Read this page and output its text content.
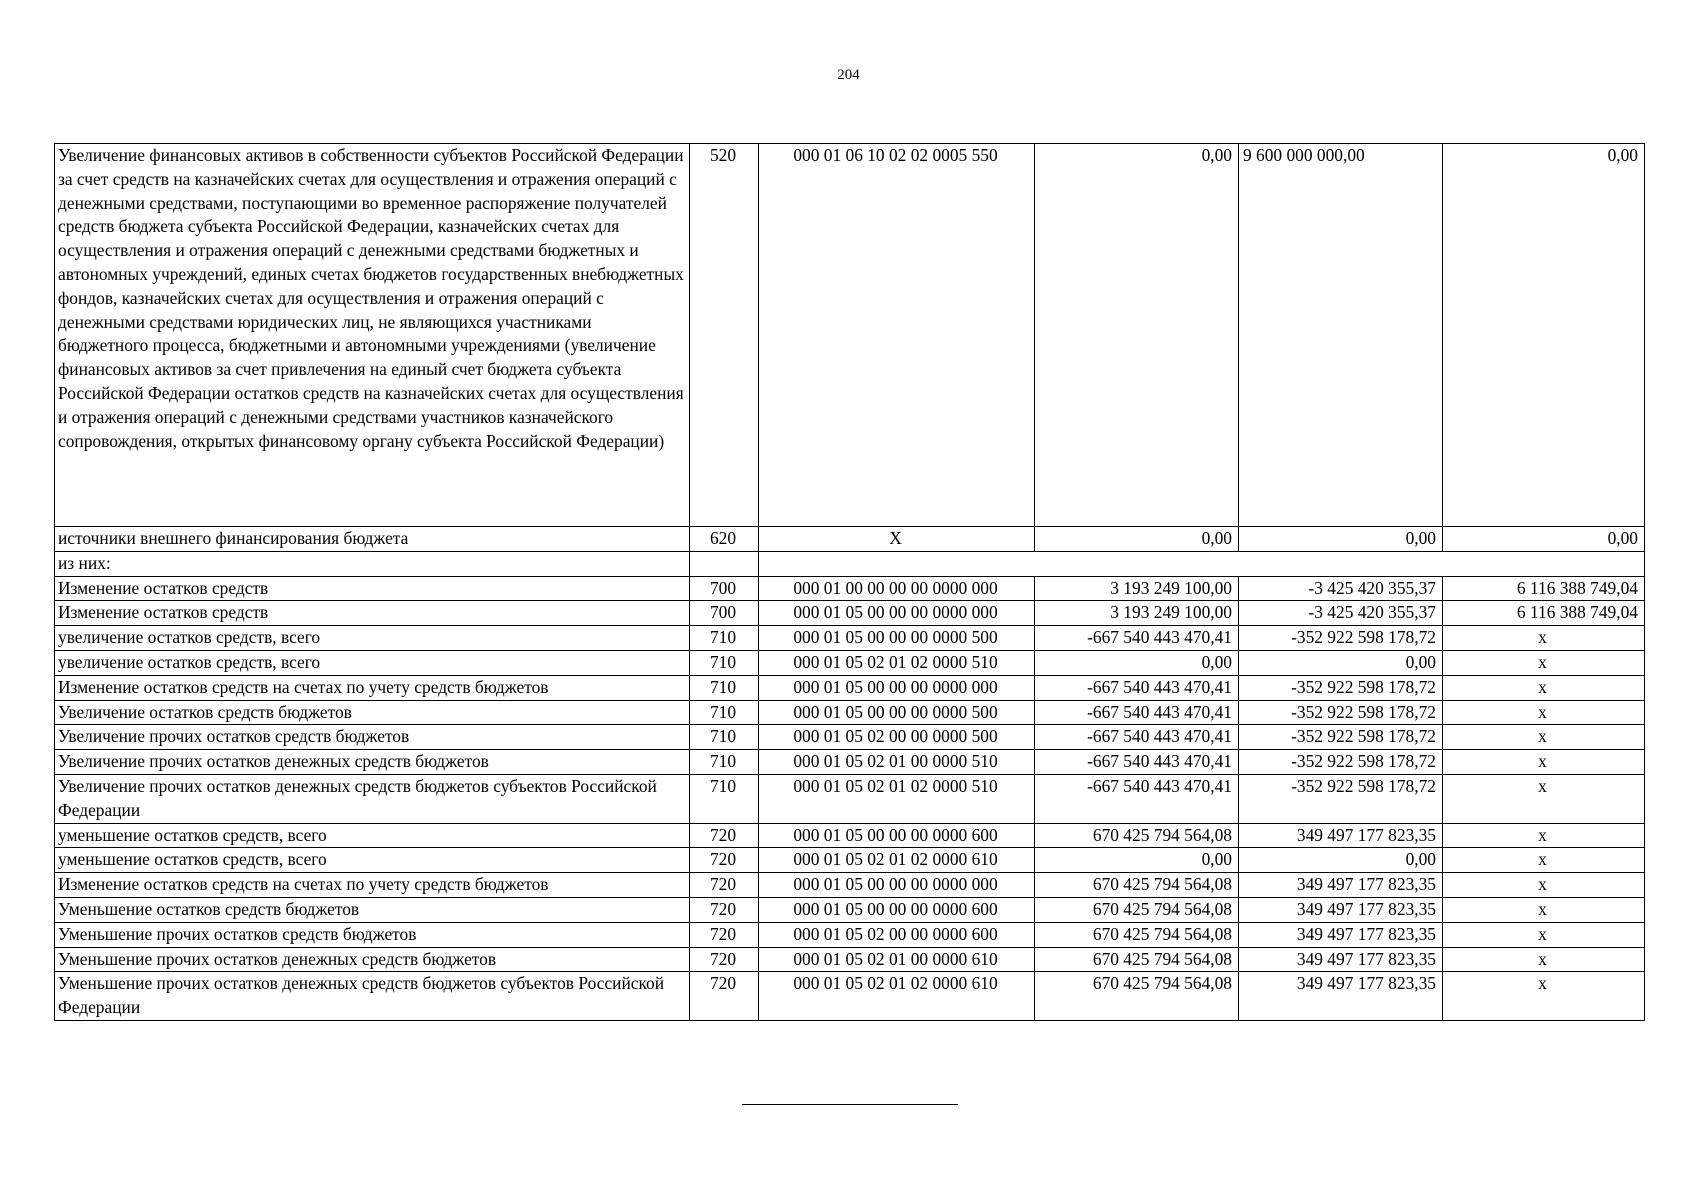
204
Увеличение финансовых активов в собственности субъектов Российской Федерации за счет средств на казначейских счетах для осуществления и отражения операций с денежными средствами, поступающими во временное распоряжение получателей средств бюджета субъекта Российской Федерации, казначейских счетах для осуществления и отражения операций с денежными средствами бюджетных и автономных учреждений, единых счетах бюджетов государственных внебюджетных фондов, казначейских счетах для осуществления и отражения операций с денежными средствами юридических лиц, не являющихся участниками бюджетного процесса, бюджетными и автономными учреждениями (увеличение финансовых активов за счет привлечения на единый счет бюджета субъекта Российской Федерации остатков средств на казначейских счетах для осуществления и отражения операций с денежными средствами участников казначейского сопровождения, открытых финансовому органу субъекта Российской Федерации)	520	000 01 06 10 02 02 0005 550	0,00	9 600 000 000,00	0,00
источники внешнего финансирования бюджета	620	X	0,00	0,00	0,00
из них:					
Изменение остатков средств	700	000 01 00 00 00 00 0000 000	3 193 249 100,00	-3 425 420 355,37	6 116 388 749,04
Изменение остатков средств	700	000 01 05 00 00 00 0000 000	3 193 249 100,00	-3 425 420 355,37	6 116 388 749,04
увеличение остатков средств, всего	710	000 01 05 00 00 00 0000 500	-667 540 443 470,41	-352 922 598 178,72	x
увеличение остатков средств, всего	710	000 01 05 02 01 02 0000 510	0,00	0,00	x
Изменение остатков средств на счетах по учету средств бюджетов	710	000 01 05 00 00 00 0000 000	-667 540 443 470,41	-352 922 598 178,72	x
Увеличение остатков средств бюджетов	710	000 01 05 00 00 00 0000 500	-667 540 443 470,41	-352 922 598 178,72	x
Увеличение прочих остатков средств бюджетов	710	000 01 05 02 00 00 0000 500	-667 540 443 470,41	-352 922 598 178,72	x
Увеличение прочих остатков денежных средств бюджетов	710	000 01 05 02 01 00 0000 510	-667 540 443 470,41	-352 922 598 178,72	x
Увеличение прочих остатков денежных средств бюджетов субъектов Российской Федерации	710	000 01 05 02 01 02 0000 510	-667 540 443 470,41	-352 922 598 178,72	x
уменьшение остатков средств, всего	720	000 01 05 00 00 00 0000 600	670 425 794 564,08	349 497 177 823,35	x
уменьшение остатков средств, всего	720	000 01 05 02 01 02 0000 610	0,00	0,00	x
Изменение остатков средств на счетах по учету средств бюджетов	720	000 01 05 00 00 00 0000 000	670 425 794 564,08	349 497 177 823,35	x
Уменьшение остатков средств бюджетов	720	000 01 05 00 00 00 0000 600	670 425 794 564,08	349 497 177 823,35	x
Уменьшение прочих остатков средств бюджетов	720	000 01 05 02 00 00 0000 600	670 425 794 564,08	349 497 177 823,35	x
Уменьшение прочих остатков денежных средств бюджетов	720	000 01 05 02 01 00 0000 610	670 425 794 564,08	349 497 177 823,35	x
Уменьшение прочих остатков денежных средств бюджетов субъектов Российской Федерации	720	000 01 05 02 01 02 0000 610	670 425 794 564,08	349 497 177 823,35	x
